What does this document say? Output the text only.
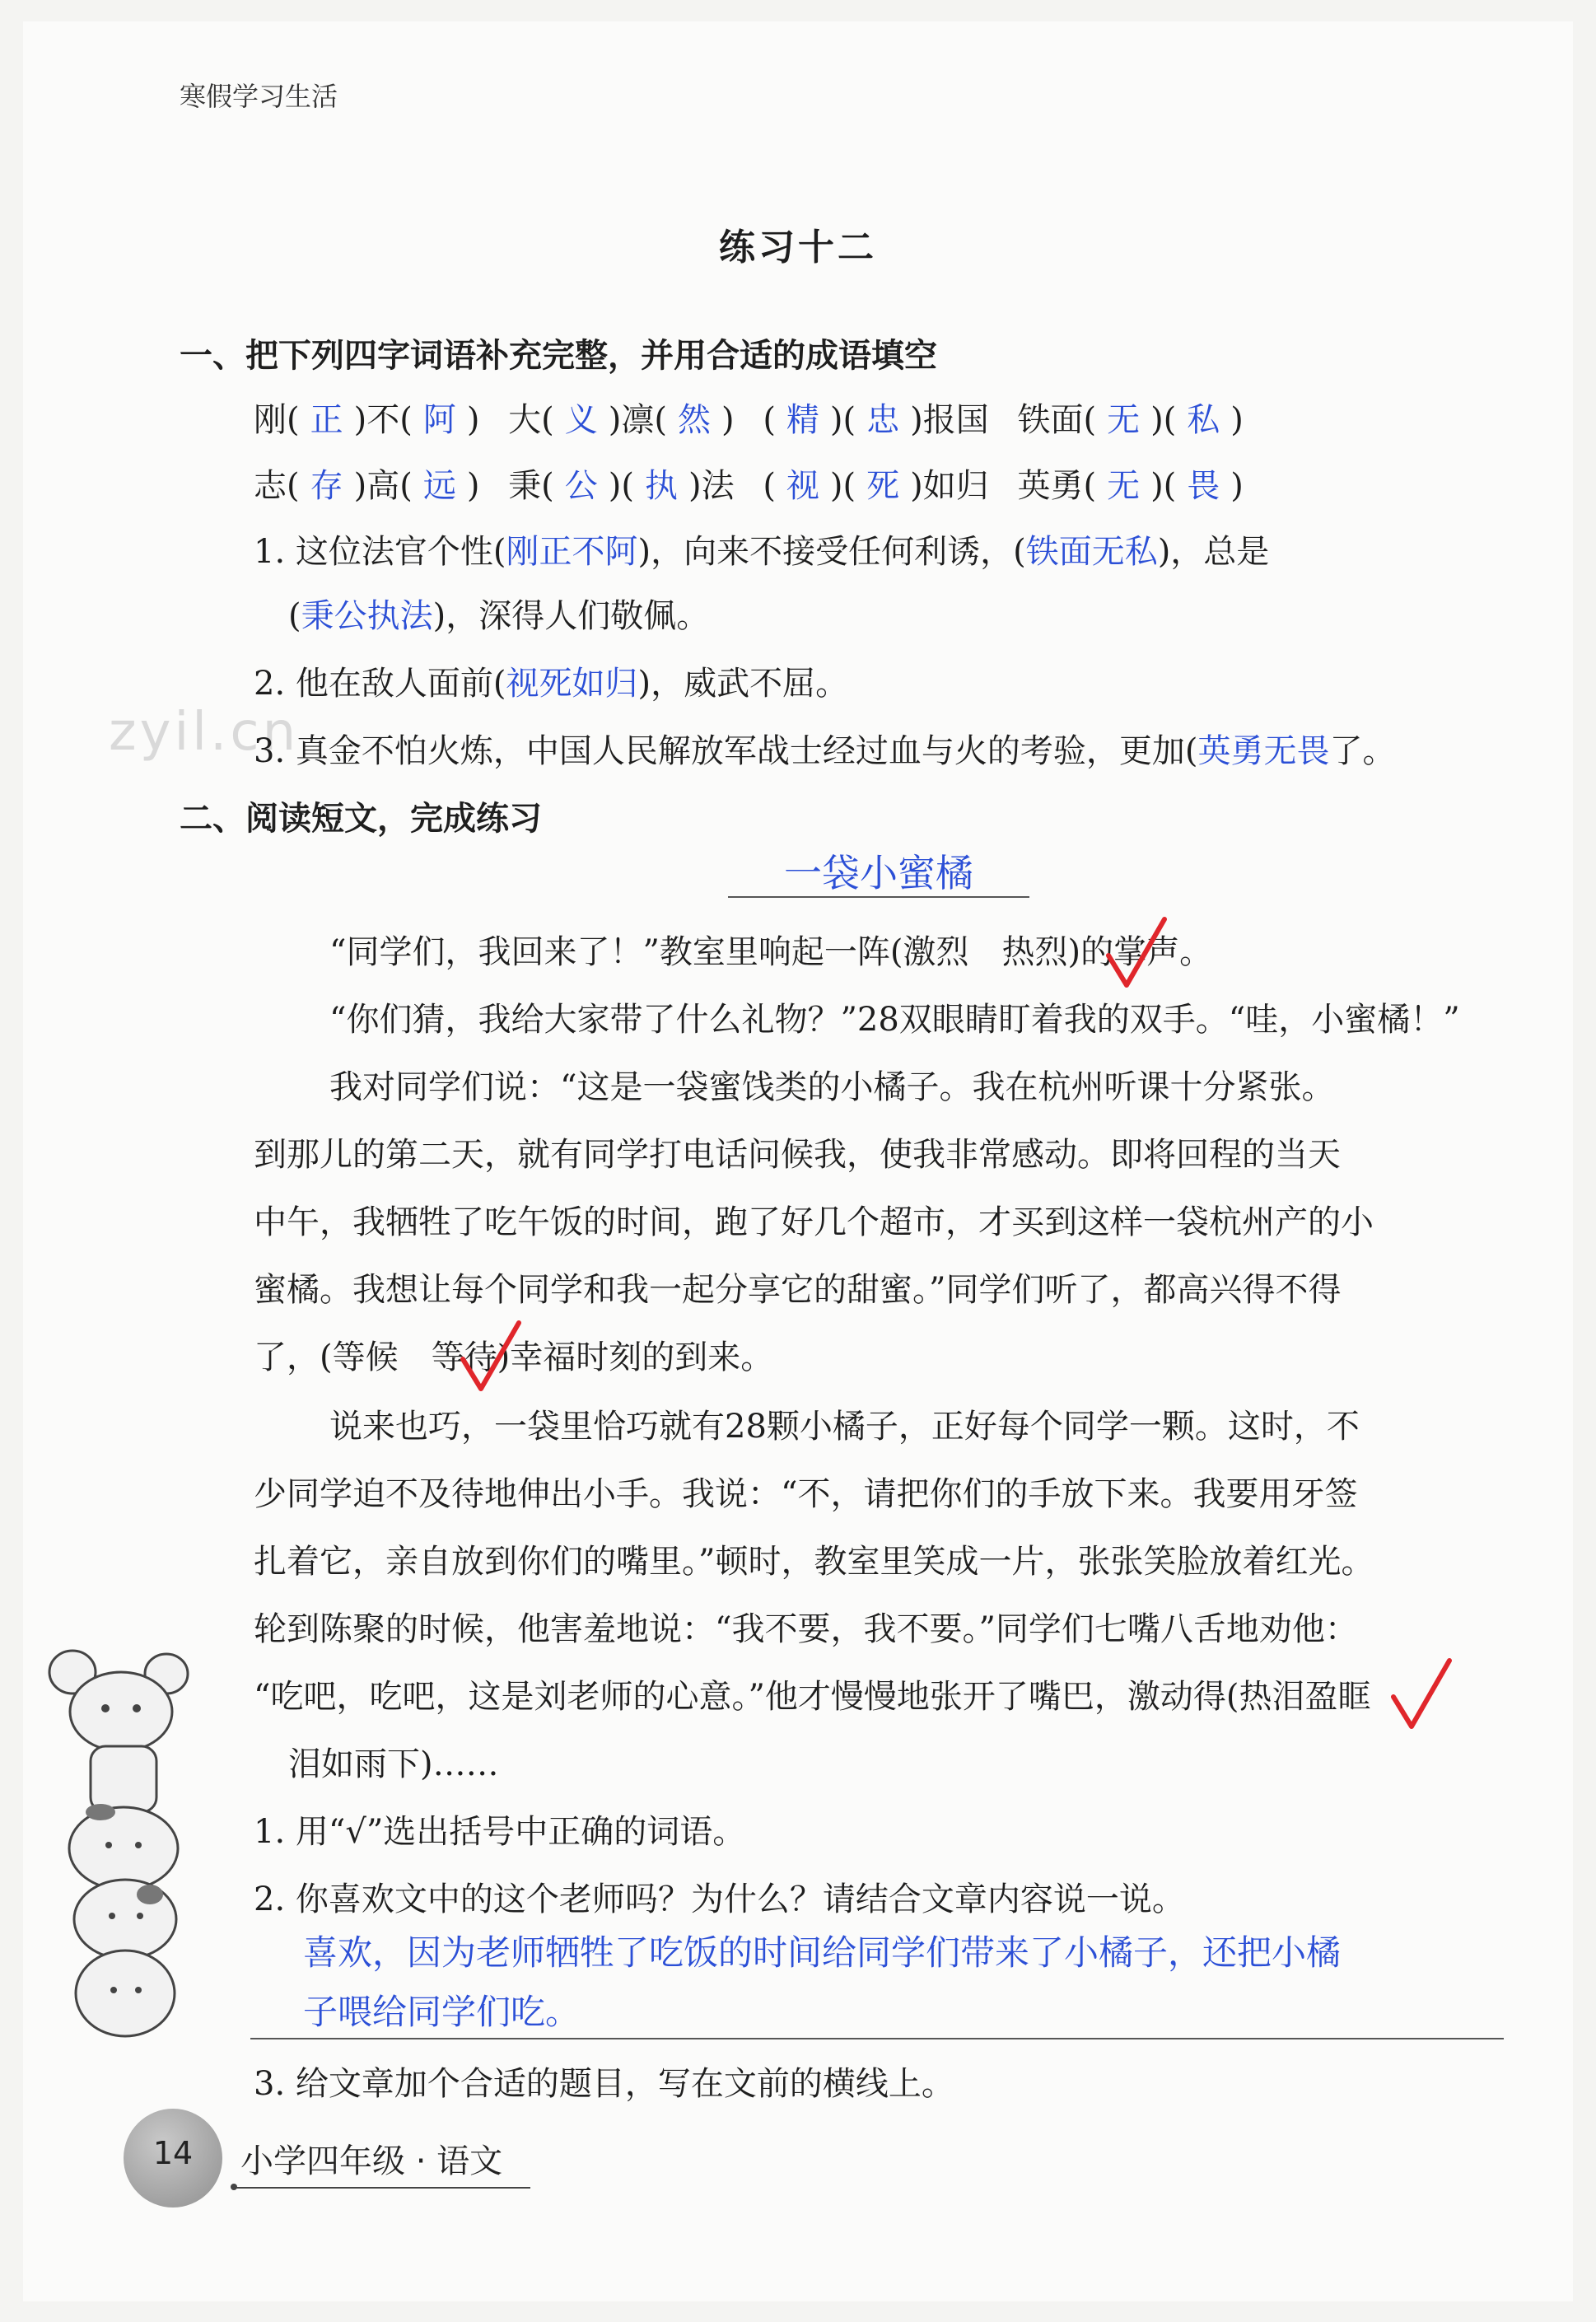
寒假学习生活
练习十二
一、把下列四字词语补充完整，并用合适的成语填空
刚( 正 )不( 阿 ) 大( 义 )凛( 然 ) ( 精 )( 忠 )报国 铁面( 无 )( 私 )
志( 存 )高( 远 ) 秉( 公 )( 执 )法 ( 视 )( 死 )如归 英勇( 无 )( 畏 )
1. 这位法官个性(刚正不阿)，向来不接受任何利诱，(铁面无私)，总是
(秉公执法)，深得人们敬佩。
2. 他在敌人面前(视死如归)，威武不屈。
zyil.cn
3. 真金不怕火炼，中国人民解放军战士经过血与火的考验，更加(英勇无畏了。
二、阅读短文，完成练习
一袋小蜜橘
“同学们，我回来了！”教室里响起一阵(激烈　热烈)的掌声。
“你们猜，我给大家带了什么礼物？”28双眼睛盯着我的双手。“哇，小蜜橘！”
我对同学们说：“这是一袋蜜饯类的小橘子。我在杭州听课十分紧张。
到那儿的第二天，就有同学打电话问候我，使我非常感动。即将回程的当天
中午，我牺牲了吃午饭的时间，跑了好几个超市，才买到这样一袋杭州产的小
蜜橘。我想让每个同学和我一起分享它的甜蜜。”同学们听了，都高兴得不得
了，(等候　等待)幸福时刻的到来。
说来也巧，一袋里恰巧就有28颗小橘子，正好每个同学一颗。这时，不
少同学迫不及待地伸出小手。我说：“不，请把你们的手放下来。我要用牙签
扎着它，亲自放到你们的嘴里。”顿时，教室里笑成一片，张张笑脸放着红光。
轮到陈聚的时候，他害羞地说：“我不要，我不要。”同学们七嘴八舌地劝他：
“吃吧，吃吧，这是刘老师的心意。”他才慢慢地张开了嘴巴，激动得(热泪盈眶
泪如雨下)……
1. 用“√”选出括号中正确的词语。
2. 你喜欢文中的这个老师吗？为什么？请结合文章内容说一说。
喜欢，因为老师牺牲了吃饭的时间给同学们带来了小橘子，还把小橘
子喂给同学们吃。
3. 给文章加个合适的题目，写在文前的横线上。
14	小学四年级 · 语文
